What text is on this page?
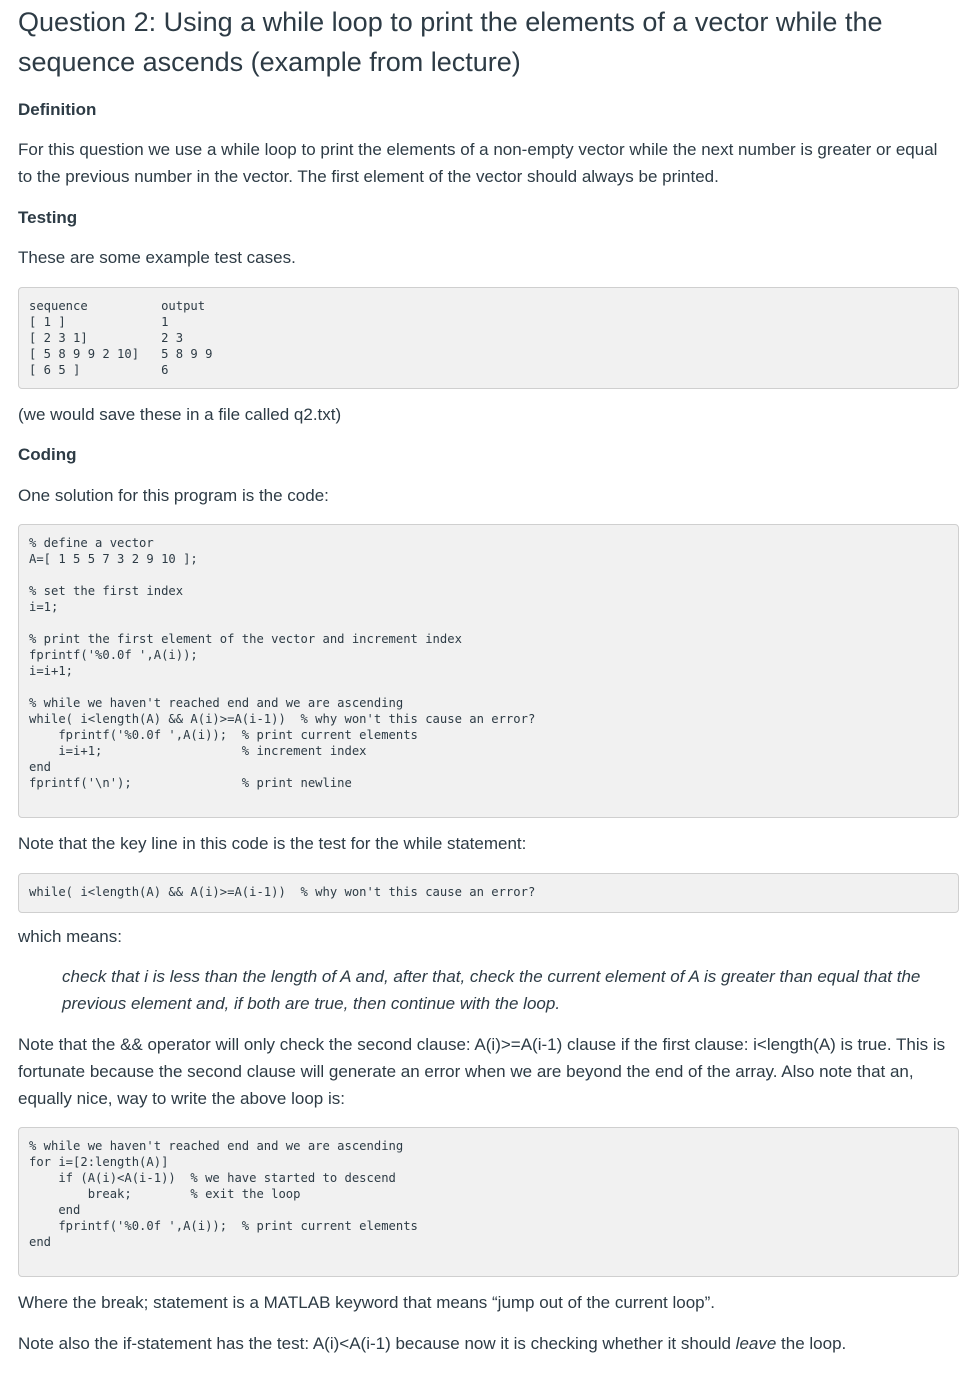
Question 2: Using a while loop to print the elements of a vector while the sequence ascends (example from lecture)
Definition

For this question we use a while loop to print the elements of a non-empty vector while the next number is greater or equal to the previous number in the vector. The first element of the vector should always be printed.

Testing

These are some example test cases.

sequence          output
[ 1 ]             1
[ 2 3 1]          2 3
[ 5 8 9 9 2 10]   5 8 9 9
[ 6 5 ]           6

(we would save these in a file called q2.txt)

Coding

One solution for this program is the code:

% define a vector
A=[ 1 5 5 7 3 2 9 10 ];

% set the first index
i=1;

% print the first element of the vector and increment index
fprintf('%0.0f ',A(i));
i=i+1;

% while we haven't reached end and we are ascending
while( i<length(A) && A(i)>=A(i-1))  % why won't this cause an error?
fprintf('%0.0f ',A(i));  % print current elements
i=i+1;                   % increment index
end
fprintf('\n');               % print newline

Note that the key line in this code is the test for the while statement:

while( i<length(A) && A(i)>=A(i-1))  % why won't this cause an error?

which means:

check that i is less than the length of A and, after that, check the current element of A is greater than equal that the previous element and, if both are true, then continue with the loop.

Note that the && operator will only check the second clause: A(i)>=A(i-1) clause if the first clause: i<length(A) is true. This is fortunate because the second clause will generate an error when we are beyond the end of the array. Also note that an, equally nice, way to write the above loop is:

% while we haven't reached end and we are ascending
for i=[2:length(A)]
if (A(i)<A(i-1))  % we have started to descend
break;        % exit the loop
end
fprintf('%0.0f ',A(i));  % print current elements
end

Where the break; statement is a MATLAB keyword that means “jump out of the current loop”.

Note also the if-statement has the test: A(i)<A(i-1) because now it is checking whether it should leave the loop.
